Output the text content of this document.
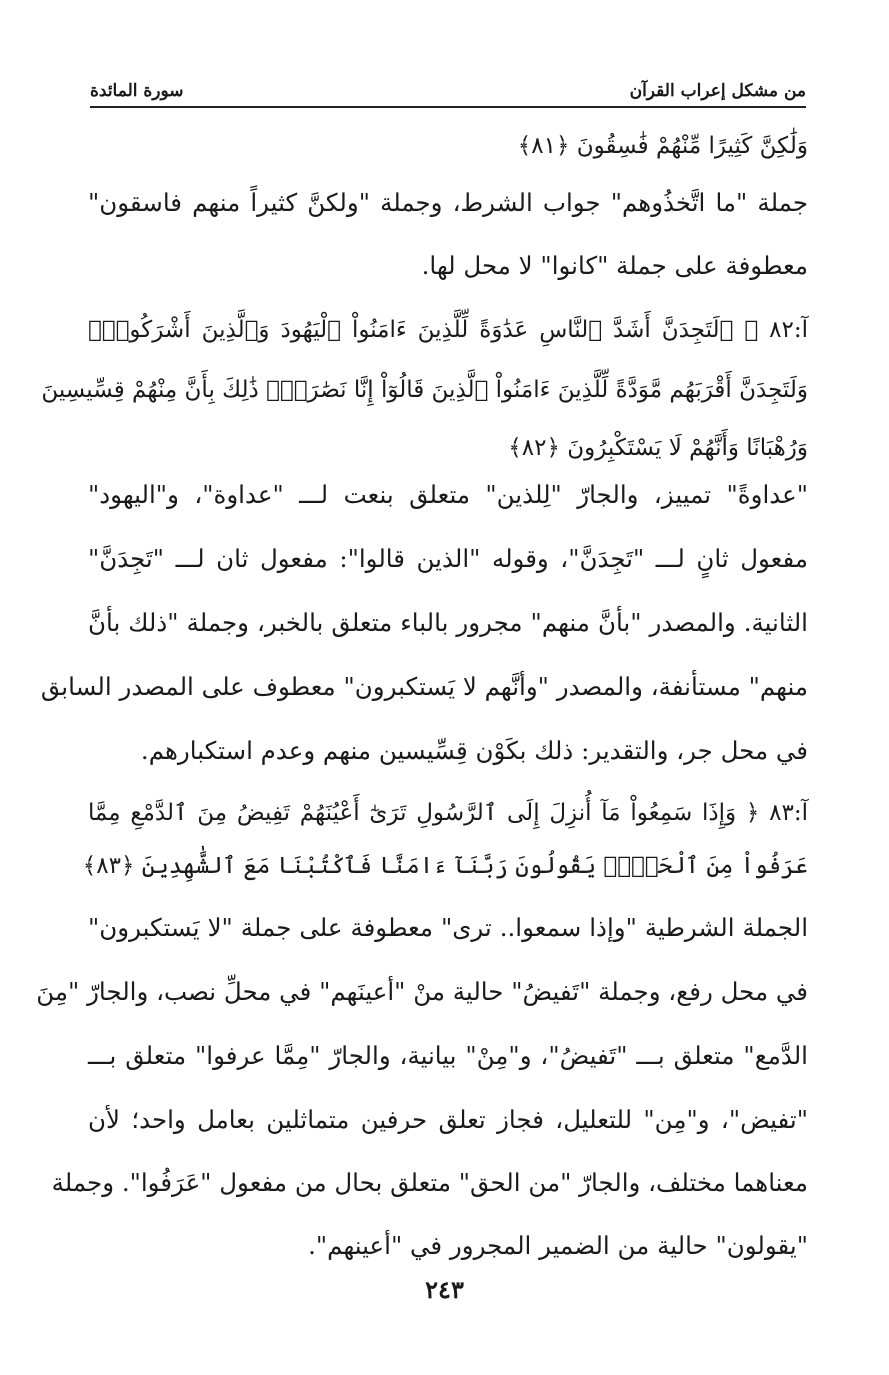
من مشكل إعراب القرآن
سورة المائدة
وَلَٰكِنَّ كَثِيرًا مِّنْهُمْ فَٰسِقُونَ ﴿٨١﴾
جملة "ما اتَّخذُوهم" جواب الشرط، وجملة "ولكنَّ كثيراً منهم فاسقون"
معطوفة على جملة "كانوا" لا محل لها.
آ:٨٢ ﴿ ۞لَتَجِدَنَّ أَشَدَّ ٱلنَّاسِ عَدَٰوَةً لِّلَّذِينَ ءَامَنُواْ ٱلْيَهُودَ وَٱلَّذِينَ أَشْرَكُواْۖ
وَلَتَجِدَنَّ أَقْرَبَهُم مَّوَدَّةً لِّلَّذِينَ ءَامَنُواْ ٱلَّذِينَ قَالُوٓاْ إِنَّا نَصَٰرَىٰۚ ذَٰلِكَ بِأَنَّ مِنْهُمْ قِسِّيسِينَ
وَرُهْبَانًا وَأَنَّهُمْ لَا يَسْتَكْبِرُونَ ﴿٨٢﴾
"عداوةً" تمييز، والجارّ "لِلذين" متعلق بنعت لـــ "عداوة"، و"اليهود"
مفعول ثانٍ لـــ "تَجِدَنَّ"، وقوله "الذين قالوا": مفعول ثان لـــ "تَجِدَنَّ"
الثانية. والمصدر "بأنَّ منهم" مجرور بالباء متعلق بالخبر، وجملة "ذلك بأنَّ
منهم" مستأنفة، والمصدر "وأنَّهم لا يَستكبرون" معطوف على المصدر السابق
في محل جر، والتقدير: ذلك بكَوْن قِسِّيسين منهم وعدم استكبارهم.
آ:٨٣ ﴿ وَإِذَا سَمِعُواْ مَآ أُنزِلَ إِلَى ٱلرَّسُولِ تَرَىٰٓ أَعْيُنَهُمْ تَفِيضُ مِنَ ٱلدَّمْعِ مِمَّا
عَرَفُواْ مِنَ ٱلْحَقِّۖ يَقُولُونَ رَبَّنَآ ءَامَنَّا فَٱكْتُبْنَا مَعَ ٱلشَّٰهِدِينَ ﴿٨٣﴾
الجملة الشرطية "وإذا سمعوا.. ترى" معطوفة على جملة "لا يَستكبرون"
في محل رفع، وجملة "تَفيضُ" حالية منْ "أعينَهم" في محلِّ نصب، والجارّ "مِنَ
الدَّمع" متعلق بـــ "تَفيضُ"، و"مِنْ" بيانية، والجارّ "مِمَّا عرفوا" متعلق بـــ
"تفيض"، و"مِن" للتعليل، فجاز تعلق حرفين متماثلين بعامل واحد؛ لأن
معناهما مختلف، والجارّ "من الحق" متعلق بحال من مفعول "عَرَفُوا". وجملة
"يقولون" حالية من الضمير المجرور في "أعينهم".
٢٤٣
